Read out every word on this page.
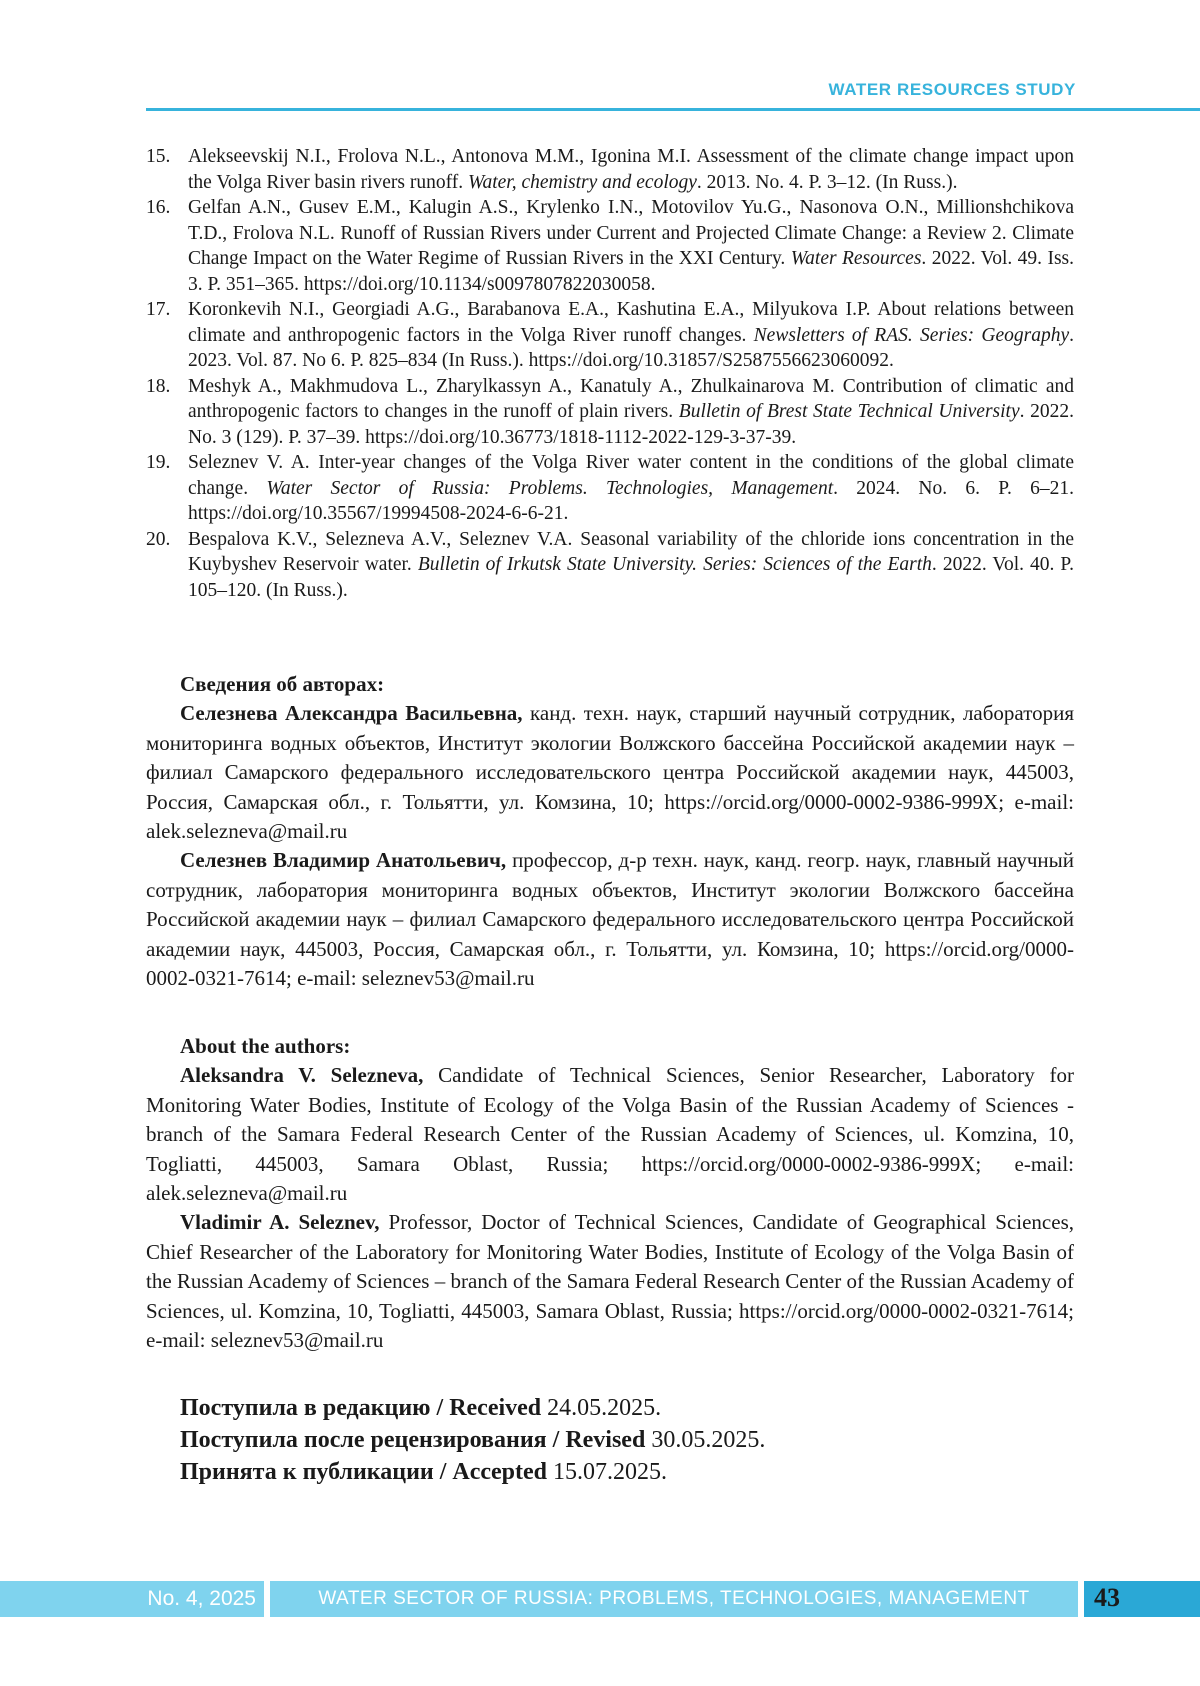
WATER RESOURCES STUDY
15. Alekseevskij N.I., Frolova N.L., Antonova M.M., Igonina M.I. Assessment of the climate change impact upon the Volga River basin rivers runoff. Water, chemistry and ecology. 2013. No. 4. P. 3–12. (In Russ.).
16. Gelfan A.N., Gusev E.M., Kalugin A.S., Krylenko I.N., Motovilov Yu.G., Nasonova O.N., Millionshchikova T.D., Frolova N.L. Runoff of Russian Rivers under Current and Projected Climate Change: a Review 2. Climate Change Impact on the Water Regime of Russian Rivers in the XXI Century. Water Resources. 2022. Vol. 49. Iss. 3. P. 351–365. https://doi.org/10.1134/s0097807822030058.
17. Koronkevih N.I., Georgiadi A.G., Barabanova E.A., Kashutina E.A., Milyukova I.P. About relations between climate and anthropogenic factors in the Volga River runoff changes. Newsletters of RAS. Series: Geography. 2023. Vol. 87. No 6. P. 825–834 (In Russ.). https://doi.org/10.31857/S2587556623060092.
18. Meshyk A., Makhmudova L., Zharylkassyn A., Kanatuly A., Zhulkainarova M. Contribution of climatic and anthropogenic factors to changes in the runoff of plain rivers. Bulletin of Brest State Technical University. 2022. No. 3 (129). P. 37–39. https://doi.org/10.36773/1818-1112-2022-129-3-37-39.
19. Seleznev V. A. Inter-year changes of the Volga River water content in the conditions of the global climate change. Water Sector of Russia: Problems. Technologies, Management. 2024. No. 6. P. 6–21. https://doi.org/10.35567/19994508-2024-6-6-21.
20. Bespalova K.V., Selezneva A.V., Seleznev V.A. Seasonal variability of the chloride ions concentration in the Kuybyshev Reservoir water. Bulletin of Irkutsk State University. Series: Sciences of the Earth. 2022. Vol. 40. P. 105–120. (In Russ.).

Сведения об авторах:

Селезнева Александра Васильевна, канд. техн. наук, старший научный сотрудник, лаборатория мониторинга водных объектов, Институт экологии Волжского бассейна Российской академии наук – филиал Самарского федерального исследовательского центра Российской академии наук, 445003, Россия, Самарская обл., г. Тольятти, ул. Комзина, 10; https://orcid.org/0000-0002-9386-999X; e-mail: alek.selezneva@mail.ru

Селезнев Владимир Анатольевич, профессор, д-р техн. наук, канд. геогр. наук, главный научный сотрудник, лаборатория мониторинга водных объектов, Институт экологии Волжского бассейна Российской академии наук – филиал Самарского федерального исследовательского центра Российской академии наук, 445003, Россия, Самарская обл., г. Тольятти, ул. Комзина, 10; https://orcid.org/0000-0002-0321-7614; e-mail: seleznev53@mail.ru

About the authors:

Aleksandra V. Selezneva, Candidate of Technical Sciences, Senior Researcher, Laboratory for Monitoring Water Bodies, Institute of Ecology of the Volga Basin of the Russian Academy of Sciences - branch of the Samara Federal Research Center of the Russian Academy of Sciences, ul. Komzina, 10, Togliatti, 445003, Samara Oblast, Russia; https://orcid.org/0000-0002-9386-999X; e-mail: alek.selezneva@mail.ru

Vladimir A. Seleznev, Professor, Doctor of Technical Sciences, Candidate of Geographical Sciences, Chief Researcher of the Laboratory for Monitoring Water Bodies, Institute of Ecology of the Volga Basin of the Russian Academy of Sciences – branch of the Samara Federal Research Center of the Russian Academy of Sciences, ul. Komzina, 10, Togliatti, 445003, Samara Oblast, Russia; https://orcid.org/0000-0002-0321-7614; e-mail: seleznev53@mail.ru

Поступила в редакцию / Received 24.05.2025.

Поступила после рецензирования / Revised 30.05.2025.

Принята к публикации / Accepted 15.07.2025.

No. 4, 2025	WATER SECTOR OF RUSSIA: PROBLEMS, TECHNOLOGIES, MANAGEMENT	43
